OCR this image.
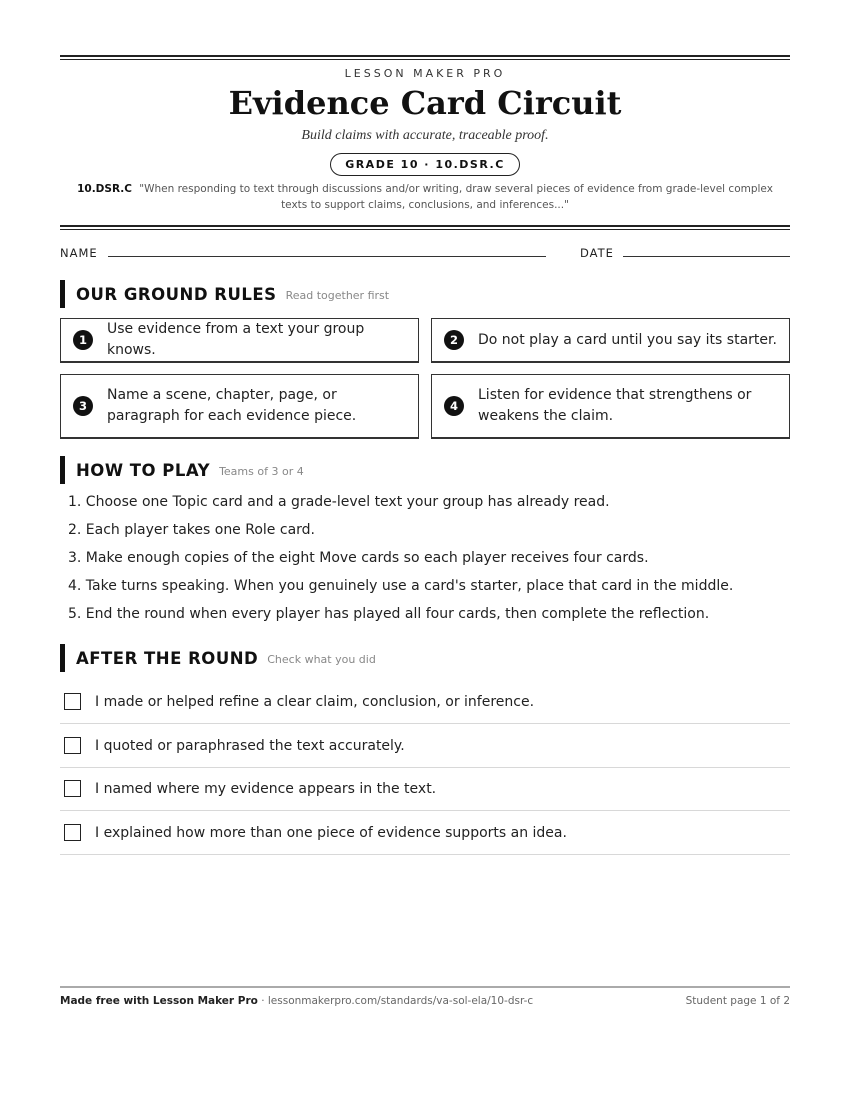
LESSON MAKER PRO
Evidence Card Circuit
Build claims with accurate, traceable proof.
GRADE 10 · 10.DSR.C
10.DSR.C "When responding to text through discussions and/or writing, draw several pieces of evidence from grade-level complex texts to support claims, conclusions, and inferences..."
NAME	DATE
OUR GROUND RULES Read together first
1
Use evidence from a text your group knows.
2	Do not play a card until you say its starter.
3
Name a scene, chapter, page, or paragraph for each evidence piece.
4
Listen for evidence that strengthens or weakens the claim.
HOW TO PLAY Teams of 3 or 4
1. Choose one Topic card and a grade-level text your group has already read.
2. Each player takes one Role card.
3. Make enough copies of the eight Move cards so each player receives four cards.
4. Take turns speaking. When you genuinely use a card's starter, place that card in the middle.
5. End the round when every player has played all four cards, then complete the reflection.
AFTER THE ROUND Check what you did
I made or helped refine a clear claim, conclusion, or inference.
I quoted or paraphrased the text accurately.
I named where my evidence appears in the text.
I explained how more than one piece of evidence supports an idea.
Made free with Lesson Maker Pro · lessonmakerpro.com/standards/va-sol-ela/10-dsr-c	Student page 1 of 2
